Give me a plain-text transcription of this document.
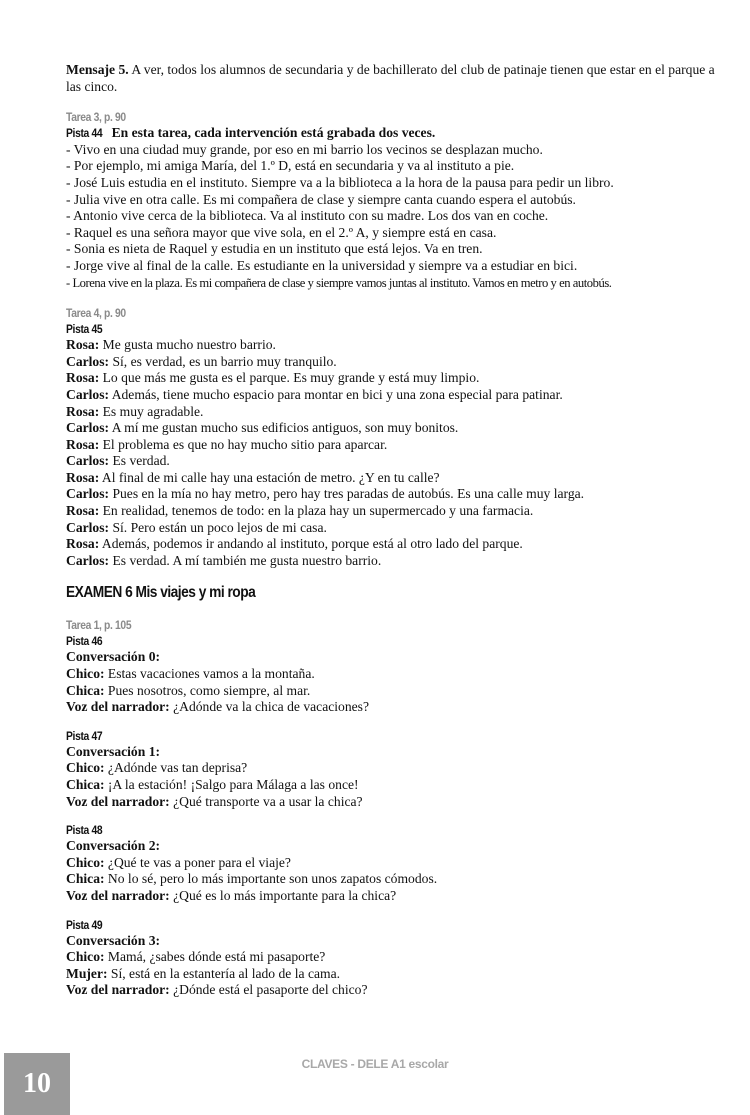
Mensaje 5. A ver, todos los alumnos de secundaria y de bachillerato del club de patinaje tienen que estar en el parque a las cinco.
Tarea 3, p. 90
Pista 44 En esta tarea, cada intervención está grabada dos veces.
- Vivo en una ciudad muy grande, por eso en mi barrio los vecinos se desplazan mucho.
- Por ejemplo, mi amiga María, del 1.º D, está en secundaria y va al instituto a pie.
- José Luis estudia en el instituto. Siempre va a la biblioteca a la hora de la pausa para pedir un libro.
- Julia vive en otra calle. Es mi compañera de clase y siempre canta cuando espera el autobús.
- Antonio vive cerca de la biblioteca. Va al instituto con su madre. Los dos van en coche.
- Raquel es una señora mayor que vive sola, en el 2.º A, y siempre está en casa.
- Sonia es nieta de Raquel y estudia en un instituto que está lejos. Va en tren.
- Jorge vive al final de la calle. Es estudiante en la universidad y siempre va a estudiar en bici.
- Lorena vive en la plaza. Es mi compañera de clase y siempre vamos juntas al instituto. Vamos en metro y en autobús.
Tarea 4, p. 90
Pista 45
Rosa: Me gusta mucho nuestro barrio.
Carlos: Sí, es verdad, es un barrio muy tranquilo.
Rosa: Lo que más me gusta es el parque. Es muy grande y está muy limpio.
Carlos: Además, tiene mucho espacio para montar en bici y una zona especial para patinar.
Rosa: Es muy agradable.
Carlos: A mí me gustan mucho sus edificios antiguos, son muy bonitos.
Rosa: El problema es que no hay mucho sitio para aparcar.
Carlos: Es verdad.
Rosa: Al final de mi calle hay una estación de metro. ¿Y en tu calle?
Carlos: Pues en la mía no hay metro, pero hay tres paradas de autobús. Es una calle muy larga.
Rosa: En realidad, tenemos de todo: en la plaza hay un supermercado y una farmacia.
Carlos: Sí. Pero están un poco lejos de mi casa.
Rosa: Además, podemos ir andando al instituto, porque está al otro lado del parque.
Carlos: Es verdad. A mí también me gusta nuestro barrio.
EXAMEN 6 Mis viajes y mi ropa
Tarea 1, p. 105
Pista 46
Conversación 0:
Chico: Estas vacaciones vamos a la montaña.
Chica: Pues nosotros, como siempre, al mar.
Voz del narrador: ¿Adónde va la chica de vacaciones?
Pista 47
Conversación 1:
Chico: ¿Adónde vas tan deprisa?
Chica: ¡A la estación! ¡Salgo para Málaga a las once!
Voz del narrador: ¿Qué transporte va a usar la chica?
Pista 48
Conversación 2:
Chico: ¿Qué te vas a poner para el viaje?
Chica: No lo sé, pero lo más importante son unos zapatos cómodos.
Voz del narrador: ¿Qué es lo más importante para la chica?
Pista 49
Conversación 3:
Chico: Mamá, ¿sabes dónde está mi pasaporte?
Mujer: Sí, está en la estantería al lado de la cama.
Voz del narrador: ¿Dónde está el pasaporte del chico?
10
CLAVES - DELE A1 escolar
